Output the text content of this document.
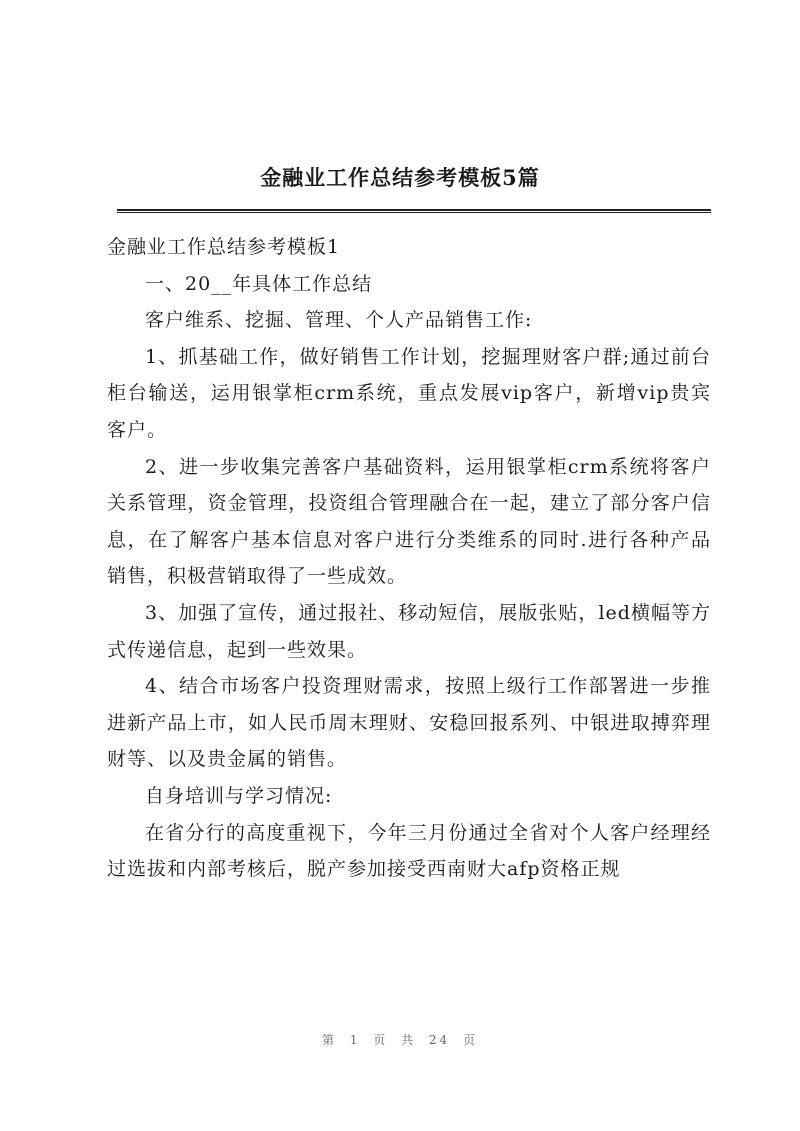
金融业工作总结参考模板5篇

金融业工作总结参考模板1

一、20__年具体工作总结

客户维系、挖掘、管理、个人产品销售工作:

1、抓基础工作，做好销售工作计划，挖掘理财客户群;通过前台柜台输送，运用银掌柜crm系统，重点发展vip客户，新增vip贵宾客户。

2、进一步收集完善客户基础资料，运用银掌柜crm系统将客户关系管理，资金管理，投资组合管理融合在一起，建立了部分客户信息，在了解客户基本信息对客户进行分类维系的同时.进行各种产品销售，积极营销取得了一些成效。

3、加强了宣传，通过报社、移动短信，展版张贴，led横幅等方式传递信息，起到一些效果。

4、结合市场客户投资理财需求，按照上级行工作部署进一步推进新产品上市，如人民币周末理财、安稳回报系列、中银进取搏弈理财等、以及贵金属的销售。

自身培训与学习情况:

在省分行的高度重视下，今年三月份通过全省对个人客户经理经过选拔和内部考核后，脱产参加接受西南财大afp资格正规

第 1 页 共 24 页
